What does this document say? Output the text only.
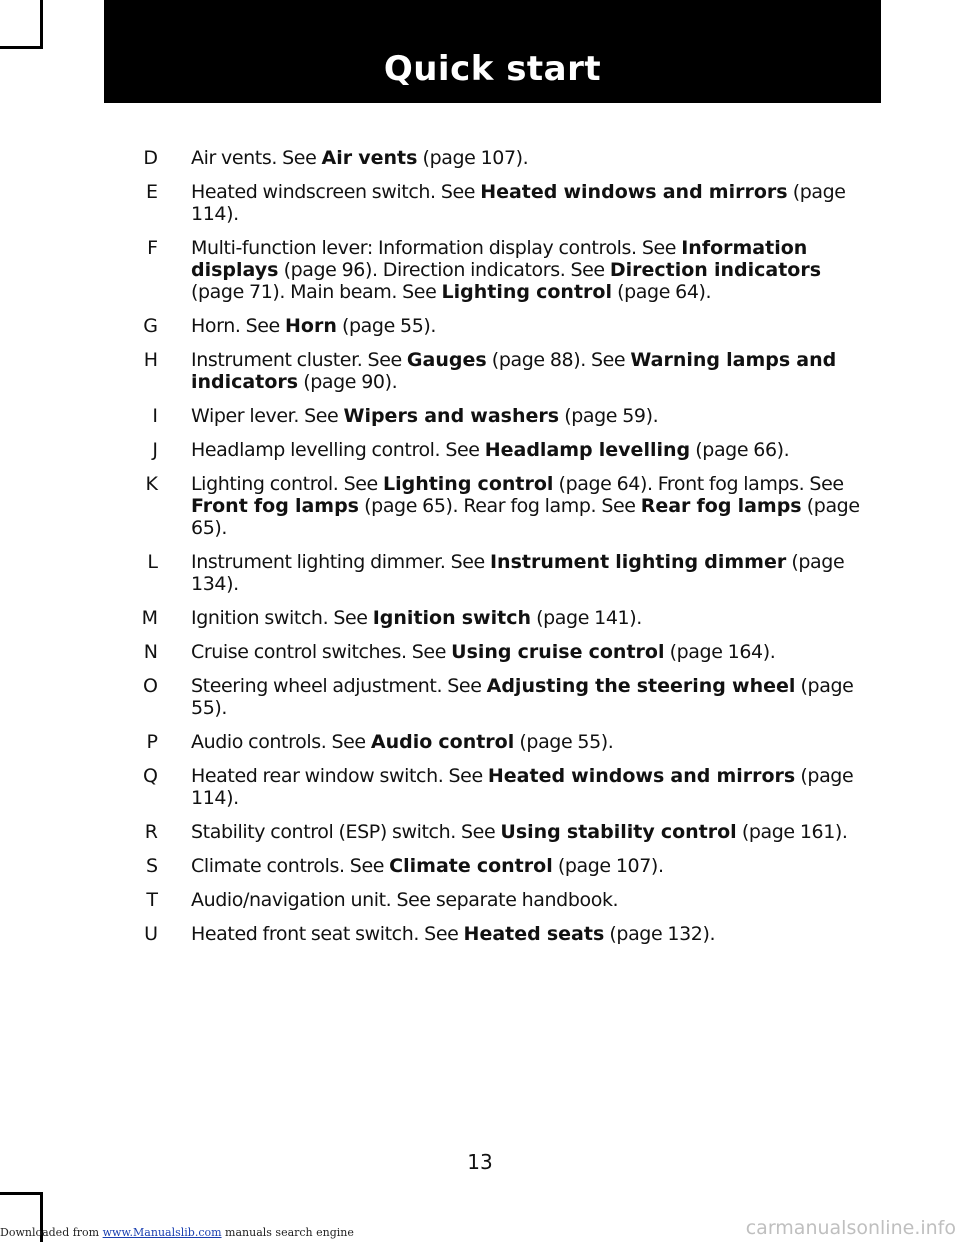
Quick start
D Air vents. See Air vents (page 107).
E Heated windscreen switch. See Heated windows and mirrors (page 114).
F Multi-function lever: Information display controls. See Information displays (page 96). Direction indicators. See Direction indicators (page 71). Main beam. See Lighting control (page 64).
G Horn. See Horn (page 55).
H Instrument cluster. See Gauges (page 88). See Warning lamps and indicators (page 90).
I Wiper lever. See Wipers and washers (page 59).
J Headlamp levelling control. See Headlamp levelling (page 66).
K Lighting control. See Lighting control (page 64). Front fog lamps. See Front fog lamps (page 65). Rear fog lamp. See Rear fog lamps (page 65).
L Instrument lighting dimmer. See Instrument lighting dimmer (page 134).
M Ignition switch. See Ignition switch (page 141).
N Cruise control switches. See Using cruise control (page 164).
O Steering wheel adjustment. See Adjusting the steering wheel (page 55).
P Audio controls. See Audio control (page 55).
Q Heated rear window switch. See Heated windows and mirrors (page 114).
R Stability control (ESP) switch. See Using stability control (page 161).
S Climate controls. See Climate control (page 107).
T Audio/navigation unit. See separate handbook.
U Heated front seat switch. See Heated seats (page 132).
13
Downloaded from www.Manualslib.com manuals search engine	carmanualsonline.info
